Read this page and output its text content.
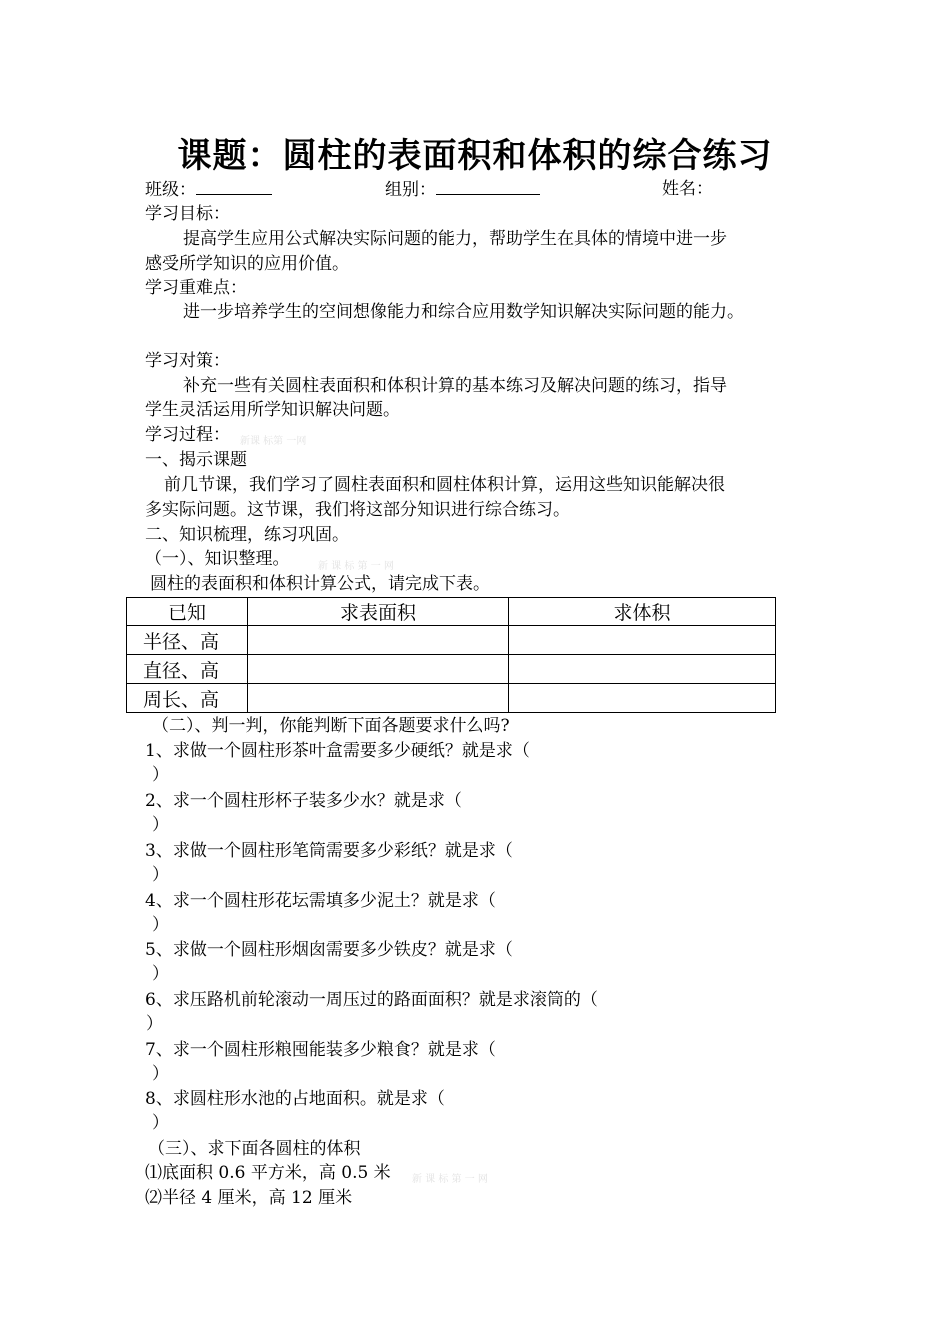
课题：圆柱的表面积和体积的综合练习
班级：	组别：	姓名：
学习目标：
提高学生应用公式解决实际问题的能力，帮助学生在具体的情境中进一步
感受所学知识的应用价值。
学习重难点：
进一步培养学生的空间想像能力和综合应用数学知识解决实际问题的能力。
学习对策：
补充一些有关圆柱表面积和体积计算的基本练习及解决问题的练习，指导
学生灵活运用所学知识解决问题。
学习过程： 新课 标第 一网
一、揭示课题
前几节课，我们学习了圆柱表面积和圆柱体积计算，运用这些知识能解决很
多实际问题。这节课，我们将这部分知识进行综合练习。
二、知识梳理，练习巩固。
（一）、知识整理。	新 课 标 第 一 网
圆柱的表面积和体积计算公式，请完成下表。
已知	求表面积	求体积
半径、高		
直径、高		
周长、高		
（二）、判一判，你能判断下面各题要求什么吗?
1、求做一个圆柱形茶叶盒需要多少硬纸？就是求（
）
2、求一个圆柱形杯子装多少水？就是求（
）
3、求做一个圆柱形笔筒需要多少彩纸？就是求（
）
4、求一个圆柱形花坛需填多少泥土？就是求（
）
5、求做一个圆柱形烟囱需要多少铁皮？就是求（
）
6、求压路机前轮滚动一周压过的路面面积？就是求滚筒的（
）
7、求一个圆柱形粮囤能装多少粮食？就是求（
）
8、求圆柱形水池的占地面积。就是求（
）
（三）、求下面各圆柱的体积
⑴底面积 0.6 平方米，高 0.5 米 新 课 标 第 一 网
⑵半径 4 厘米，高 12 厘米
